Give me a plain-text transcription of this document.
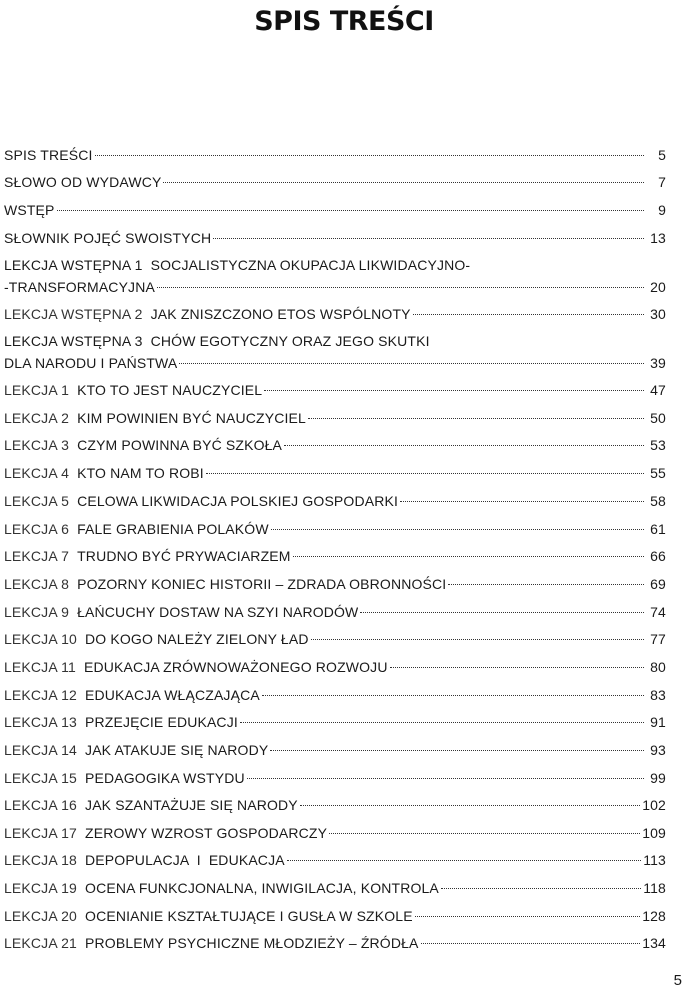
SPIS TREŚCI
SPIS TREŚCI	5
SŁOWO OD WYDAWCY	7
WSTĘP	9
SŁOWNIK POJĘĆ SWOISTYCH	13
LEKCJA WSTĘPNA 1 SOCJALISTYCZNA OKUPACJA LIKWIDACYJNO-
-TRANSFORMACYJNA	20
LEKCJA WSTĘPNA 2 JAK ZNISZCZONO ETOS WSPÓLNOTY	30
LEKCJA WSTĘPNA 3 CHÓW EGOTYCZNY ORAZ JEGO SKUTKI
DLA NARODU I PAŃSTWA	39
LEKCJA 1 KTO TO JEST NAUCZYCIEL	47
LEKCJA 2 KIM POWINIEN BYĆ NAUCZYCIEL	50
LEKCJA 3 CZYM POWINNA BYĆ SZKOŁA	53
LEKCJA 4 KTO NAM TO ROBI	55
LEKCJA 5 CELOWA LIKWIDACJA POLSKIEJ GOSPODARKI	58
LEKCJA 6 FALE GRABIENIA POLAKÓW	61
LEKCJA 7 TRUDNO BYĆ PRYWACIARZEM	66
LEKCJA 8 POZORNY KONIEC HISTORII – ZDRADA OBRONNOŚCI	69
LEKCJA 9 ŁAŃCUCHY DOSTAW NA SZYI NARODÓW	74
LEKCJA 10 DO KOGO NALEŻY ZIELONY ŁAD	77
LEKCJA 11 EDUKACJA ZRÓWNOWAŻONEGO ROZWOJU	80
LEKCJA 12 EDUKACJA WŁĄCZAJĄCA	83
LEKCJA 13 PRZEJĘCIE EDUKACJI	91
LEKCJA 14 JAK ATAKUJE SIĘ NARODY	93
LEKCJA 15 PEDAGOGIKA WSTYDU	99
LEKCJA 16 JAK SZANTAŻUJE SIĘ NARODY	102
LEKCJA 17 ZEROWY WZROST GOSPODARCZY	109
LEKCJA 18 DEPOPULACJA  I  EDUKACJA	113
LEKCJA 19 OCENA FUNKCJONALNA, INWIGILACJA, KONTROLA	118
LEKCJA 20 OCENIANIE KSZTAŁTUJĄCE I GUSŁA W SZKOLE	128
LEKCJA 21 PROBLEMY PSYCHICZNE MŁODZIEŻY – ŹRÓDŁA	134
5
